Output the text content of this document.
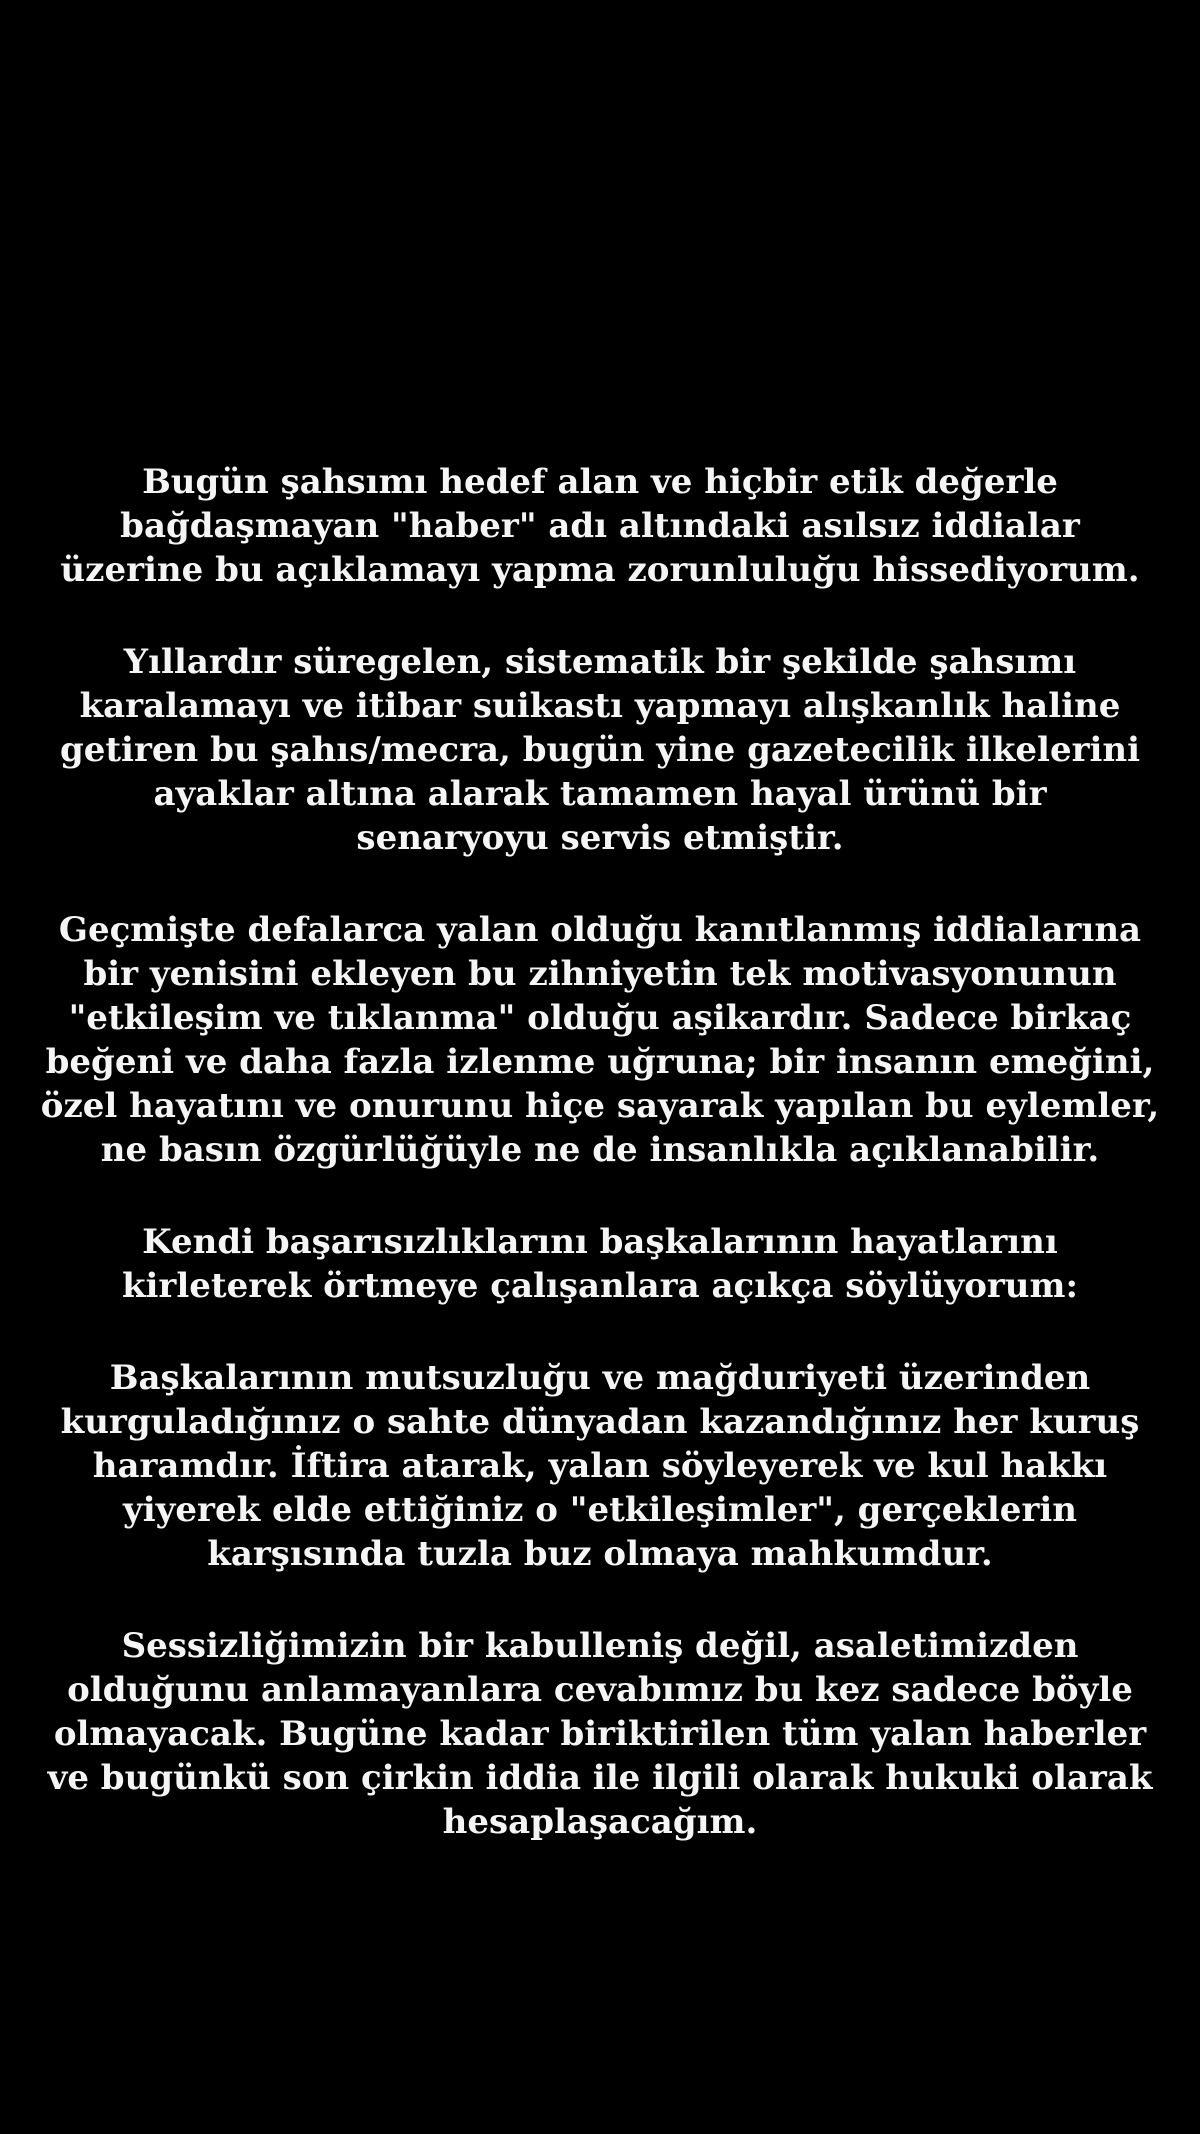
Bugün şahsımı hedef alan ve hiçbir etik değerle
bağdaşmayan "haber" adı altındaki asılsız iddialar
üzerine bu açıklamayı yapma zorunluluğu hissediyorum.

Yıllardır süregelen, sistematik bir şekilde şahsımı
karalamayı ve itibar suikastı yapmayı alışkanlık haline
getiren bu şahıs/mecra, bugün yine gazetecilik ilkelerini
ayaklar altına alarak tamamen hayal ürünü bir
senaryoyu servis etmiştir.

Geçmişte defalarca yalan olduğu kanıtlanmış iddialarına
bir yenisini ekleyen bu zihniyetin tek motivasyonunun
"etkileşim ve tıklanma" olduğu aşikardır. Sadece birkaç
beğeni ve daha fazla izlenme uğruna; bir insanın emeğini,
özel hayatını ve onurunu hiçe sayarak yapılan bu eylemler,
ne basın özgürlüğüyle ne de insanlıkla açıklanabilir.

Kendi başarısızlıklarını başkalarının hayatlarını
kirleterek örtmeye çalışanlara açıkça söylüyorum:

Başkalarının mutsuzluğu ve mağduriyeti üzerinden
kurguladığınız o sahte dünyadan kazandığınız her kuruş
haramdır. İftira atarak, yalan söyleyerek ve kul hakkı
yiyerek elde ettiğiniz o "etkileşimler", gerçeklerin
karşısında tuzla buz olmaya mahkumdur.

Sessizliğimizin bir kabulleniş değil, asaletimizden
olduğunu anlamayanlara cevabımız bu kez sadece böyle
olmayacak. Bugüne kadar biriktirilen tüm yalan haberler
ve bugünkü son çirkin iddia ile ilgili olarak hukuki olarak
hesaplaşacağım.
